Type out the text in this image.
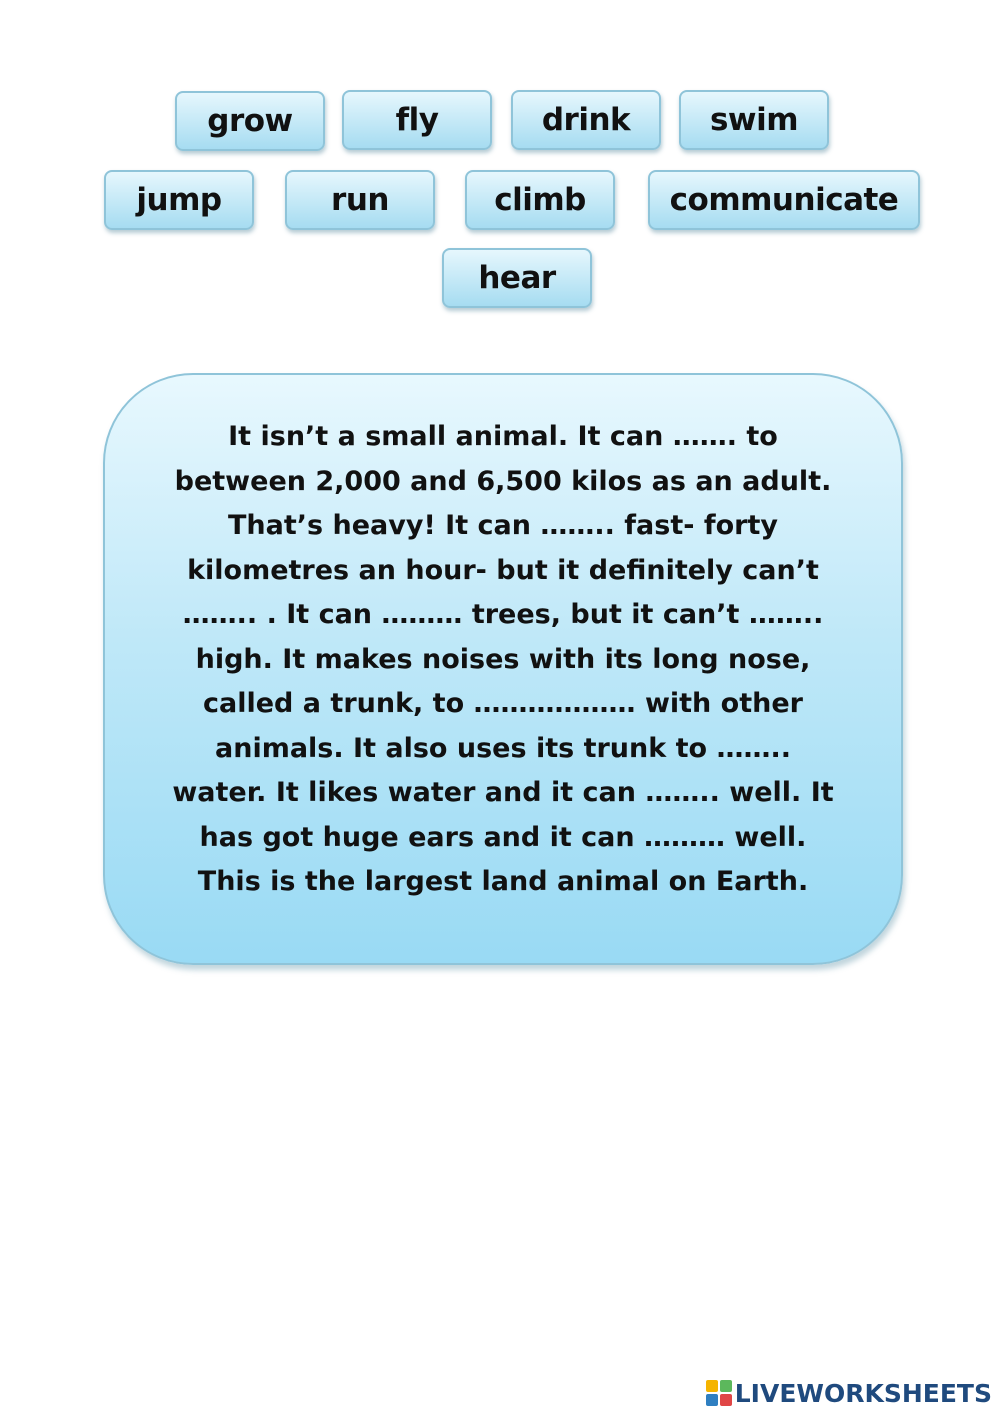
grow	fly	drink	swim
jump	run	climb	communicate
hear

It isn’t a small animal. It can ……. to
between 2,000 and 6,500 kilos as an adult.
That’s heavy! It can …….. fast- forty
kilometres an hour- but it definitely can’t
…….. . It can ……… trees, but it can’t ……..
high. It makes noises with its long nose,
called a trunk, to ……………… with other
animals. It also uses its trunk to ……..
water. It likes water and it can …….. well. It
has got huge ears and it can ……… well.
This is the largest land animal on Earth.

LIVEWORKSHEETS
